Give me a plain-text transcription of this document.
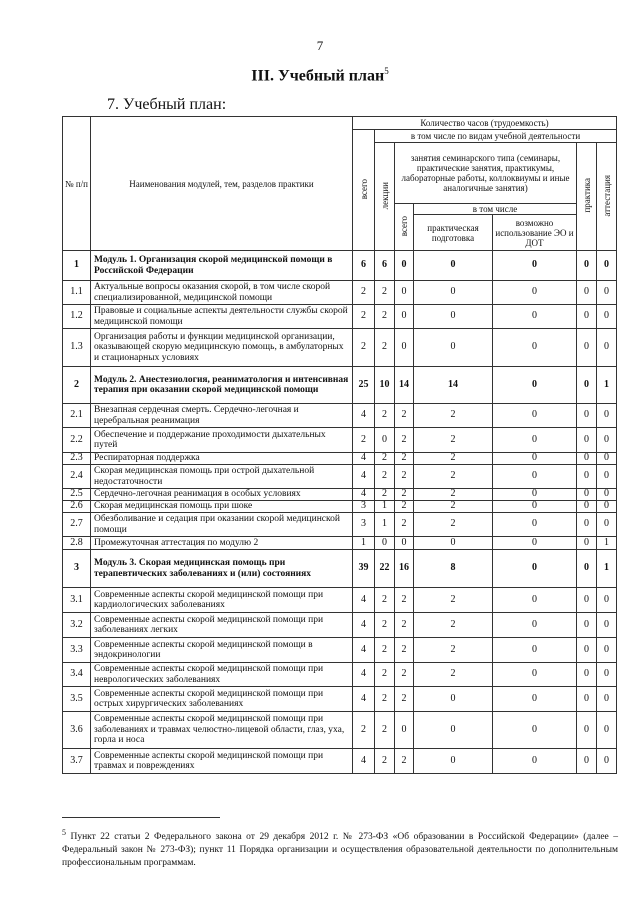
7
III. Учебный план$^5$
7. Учебный план:
№ п/п	Наименования модулей, тем, разделов практики	Количество часов (трудоемкость)						
		всего	в том числе по видам учебной деятельности					
			лекции	занятия семинарского типа (семинары, практические занятия, практикумы, лабораторные работы, коллоквиумы и иные аналогичные занятия)			практика	аттестация
				всего	в том числе			
					практическая подготовка	возможно использование ЭО и ДОТ		
1	Модуль 1. Организация скорой медицинской помощи в Российской Федерации	6	6	0	0	0	0	0
1.1	Актуальные вопросы оказания скорой, в том числе скорой специализированной, медицинской помощи	2	2	0	0	0	0	0
1.2	Правовые и социальные аспекты деятельности службы скорой медицинской помощи	2	2	0	0	0	0	0
1.3	Организация работы и функции медицинской организации, оказывающей скорую медицинскую помощь, в амбулаторных и стационарных условиях	2	2	0	0	0	0	0
2	Модуль 2. Анестезиология, реаниматология и интенсивная терапия при оказании скорой медицинской помощи	25	10	14	14	0	0	1
2.1	Внезапная сердечная смерть. Сердечно-легочная и церебральная реанимация	4	2	2	2	0	0	0
2.2	Обеспечение и поддержание проходимости дыхательных путей	2	0	2	2	0	0	0
2.3	Респираторная поддержка	4	2	2	2	0	0	0
2.4	Скорая медицинская помощь при острой дыхательной недостаточности	4	2	2	2	0	0	0
2.5	Сердечно-легочная реанимация в особых условиях	4	2	2	2	0	0	0
2.6	Скорая медицинская помощь при шоке	3	1	2	2	0	0	0
2.7	Обезболивание и седация при оказании скорой медицинской помощи	3	1	2	2	0	0	0
2.8	Промежуточная аттестация по модулю 2	1	0	0	0	0	0	1
3	Модуль 3. Скорая медицинская помощь при терапевтических заболеваниях и (или) состояниях	39	22	16	8	0	0	1
3.1	Современные аспекты скорой медицинской помощи при кардиологических заболеваниях	4	2	2	2	0	0	0
3.2	Современные аспекты скорой медицинской помощи при заболеваниях легких	4	2	2	2	0	0	0
3.3	Современные аспекты скорой медицинской помощи в эндокринологии	4	2	2	2	0	0	0
3.4	Современные аспекты скорой медицинской помощи при неврологических заболеваниях	4	2	2	2	0	0	0
3.5	Современные аспекты скорой медицинской помощи при острых хирургических заболеваниях	4	2	2	0	0	0	0
3.6	Современные аспекты скорой медицинской помощи при заболеваниях и травмах челюстно-лицевой области, глаз, уха, горла и носа	2	2	0	0	0	0	0
3.7	Современные аспекты скорой медицинской помощи при травмах и повреждениях	4	2	2	0	0	0	0
$^5$ Пункт 22 статьи 2 Федерального закона от 29 декабря 2012 г. № 273-ФЗ «Об образовании в Российской Федерации» (далее – Федеральный закон № 273-ФЗ); пункт 11 Порядка организации и осуществления образовательной деятельности по дополнительным профессиональным программам.
